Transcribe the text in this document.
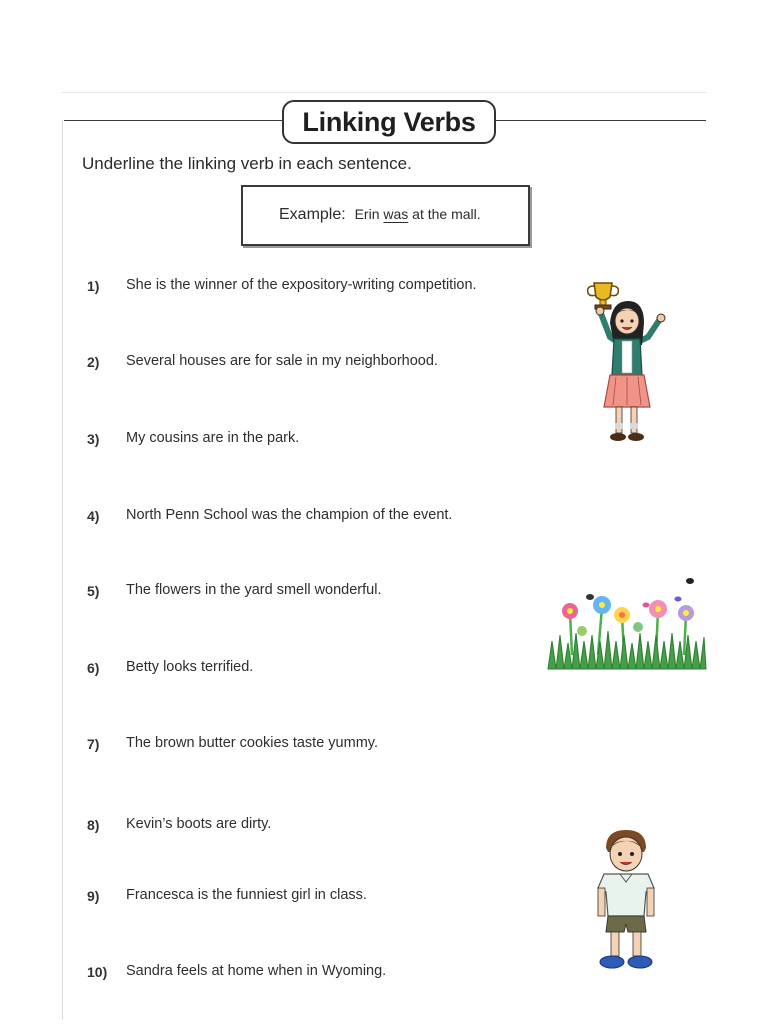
Linking Verbs
Underline the linking verb in each sentence.
Example: Erin was at the mall.
1) She is the winner of the expository-writing competition.
2) Several houses are for sale in my neighborhood.
3) My cousins are in the park.
4) North Penn School was the champion of the event.
5) The flowers in the yard smell wonderful.
6) Betty looks terrified.
7) The brown butter cookies taste yummy.
8) Kevin’s boots are dirty.
9) Francesca is the funniest girl in class.
10) Sandra feels at home when in Wyoming.
